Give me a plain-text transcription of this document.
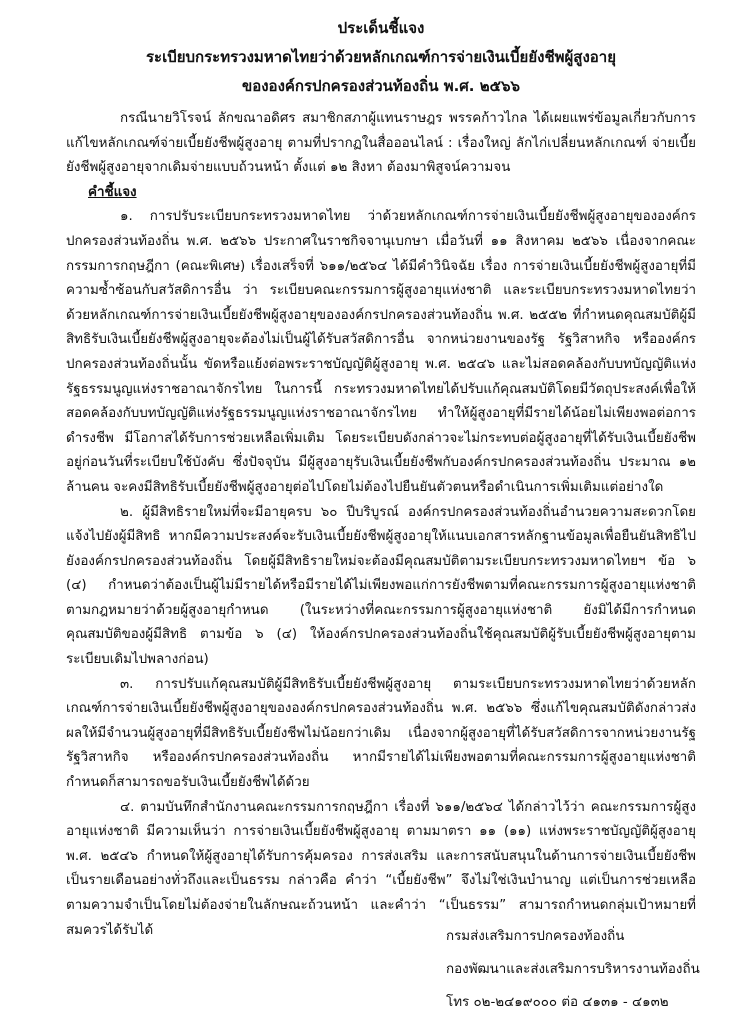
ประเด็นชี้แจง

ระเบียบกระทรวงมหาดไทยว่าด้วยหลักเกณฑ์การจ่ายเงินเบี้ยยังชีพผู้สูงอายุ

ขององค์กรปกครองส่วนท้องถิ่น พ.ศ. ๒๕๖๖

กรณีนายวิโรจน์ ลักขณาอดิศร สมาชิกสภาผู้แทนราษฎร พรรคก้าวไกล ได้เผยแพร่ข้อมูลเกี่ยวกับการแก้ไขหลักเกณฑ์จ่ายเบี้ยยังชีพผู้สูงอายุ ตามที่ปรากฏในสื่อออนไลน์ : เรื่องใหญ่ ลักไก่เปลี่ยนหลักเกณฑ์ จ่ายเบี้ยยังชีพผู้สูงอายุจากเดิมจ่ายแบบถ้วนหน้า ตั้งแต่ ๑๒ สิงหา ต้องมาพิสูจน์ความจน

คำชี้แจง

๑. การปรับระเบียบกระทรวงมหาดไทย ว่าด้วยหลักเกณฑ์การจ่ายเงินเบี้ยยังชีพผู้สูงอายุขององค์กรปกครองส่วนท้องถิ่น พ.ศ. ๒๕๖๖ ประกาศในราชกิจจานุเบกษา เมื่อวันที่ ๑๑ สิงหาคม ๒๕๖๖ เนื่องจากคณะกรรมการกฤษฎีกา (คณะพิเศษ) เรื่องเสร็จที่ ๖๑๑/๒๕๖๔ ได้มีคำวินิจฉัย เรื่อง การจ่ายเงินเบี้ยยังชีพผู้สูงอายุที่มีความซ้ำซ้อนกับสวัสดิการอื่น ว่า ระเบียบคณะกรรมการผู้สูงอายุแห่งชาติ และระเบียบกระทรวงมหาดไทยว่าด้วยหลักเกณฑ์การจ่ายเงินเบี้ยยังชีพผู้สูงอายุขององค์กรปกครองส่วนท้องถิ่น พ.ศ. ๒๕๕๒ ที่กำหนดคุณสมบัติผู้มีสิทธิรับเงินเบี้ยยังชีพผู้สูงอายุจะต้องไม่เป็นผู้ได้รับสวัสดิการอื่น จากหน่วยงานของรัฐ รัฐวิสาหกิจ หรือองค์กรปกครองส่วนท้องถิ่นนั้น ขัดหรือแย้งต่อพระราชบัญญัติผู้สูงอายุ พ.ศ. ๒๕๔๖ และไม่สอดคล้องกับบทบัญญัติแห่งรัฐธรรมนูญแห่งราชอาณาจักรไทย ในการนี้ กระทรวงมหาดไทยได้ปรับแก้คุณสมบัติโดยมีวัตถุประสงค์เพื่อให้สอดคล้องกับบทบัญญัติแห่งรัฐธรรมนูญแห่งราชอาณาจักรไทย ทำให้ผู้สูงอายุที่มีรายได้น้อยไม่เพียงพอต่อการดำรงชีพ มีโอกาสได้รับการช่วยเหลือเพิ่มเติม โดยระเบียบดังกล่าวจะไม่กระทบต่อผู้สูงอายุที่ได้รับเงินเบี้ยยังชีพอยู่ก่อนวันที่ระเบียบใช้บังคับ ซึ่งปัจจุบัน มีผู้สูงอายุรับเงินเบี้ยยังชีพกับองค์กรปกครองส่วนท้องถิ่น ประมาณ ๑๒ ล้านคน จะคงมีสิทธิรับเบี้ยยังชีพผู้สูงอายุต่อไปโดยไม่ต้องไปยืนยันตัวตนหรือดำเนินการเพิ่มเติมแต่อย่างใด

๒. ผู้มีสิทธิรายใหม่ที่จะมีอายุครบ ๖๐ ปีบริบูรณ์ องค์กรปกครองส่วนท้องถิ่นอำนวยความสะดวกโดยแจ้งไปยังผู้มีสิทธิ หากมีความประสงค์จะรับเงินเบี้ยยังชีพผู้สูงอายุให้แนบเอกสารหลักฐานข้อมูลเพื่อยืนยันสิทธิไปยังองค์กรปกครองส่วนท้องถิ่น โดยผู้มีสิทธิรายใหม่จะต้องมีคุณสมบัติตามระเบียบกระทรวงมหาดไทยฯ ข้อ ๖ (๔) กำหนดว่าต้องเป็นผู้ไม่มีรายได้หรือมีรายได้ไม่เพียงพอแก่การยังชีพตามที่คณะกรรมการผู้สูงอายุแห่งชาติตามกฎหมายว่าด้วยผู้สูงอายุกำหนด (ในระหว่างที่คณะกรรมการผู้สูงอายุแห่งชาติ ยังมิได้มีการกำหนดคุณสมบัติของผู้มีสิทธิ ตามข้อ ๖ (๔) ให้องค์กรปกครองส่วนท้องถิ่นใช้คุณสมบัติผู้รับเบี้ยยังชีพผู้สูงอายุตามระเบียบเดิมไปพลางก่อน)

๓. การปรับแก้คุณสมบัติผู้มีสิทธิรับเบี้ยยังชีพผู้สูงอายุ ตามระเบียบกระทรวงมหาดไทยว่าด้วยหลักเกณฑ์การจ่ายเงินเบี้ยยังชีพผู้สูงอายุขององค์กรปกครองส่วนท้องถิ่น พ.ศ. ๒๕๖๖ ซึ่งแก้ไขคุณสมบัติดังกล่าวส่งผลให้มีจำนวนผู้สูงอายุที่มีสิทธิรับเบี้ยยังชีพไม่น้อยกว่าเดิม เนื่องจากผู้สูงอายุที่ได้รับสวัสดิการจากหน่วยงานรัฐ รัฐวิสาหกิจ หรือองค์กรปกครองส่วนท้องถิ่น หากมีรายได้ไม่เพียงพอตามที่คณะกรรมการผู้สูงอายุแห่งชาติกำหนดก็สามารถขอรับเงินเบี้ยยังชีพได้ด้วย

๔. ตามบันทึกสำนักงานคณะกรรมการกฤษฎีกา เรื่องที่ ๖๑๑/๒๕๖๔ ได้กล่าวไว้ว่า คณะกรรมการผู้สูงอายุแห่งชาติ มีความเห็นว่า การจ่ายเงินเบี้ยยังชีพผู้สูงอายุ ตามมาตรา ๑๑ (๑๑) แห่งพระราชบัญญัติผู้สูงอายุ พ.ศ. ๒๕๔๖ กำหนดให้ผู้สูงอายุได้รับการคุ้มครอง การส่งเสริม และการสนับสนุนในด้านการจ่ายเงินเบี้ยยังชีพเป็นรายเดือนอย่างทั่วถึงและเป็นธรรม กล่าวคือ คำว่า “เบี้ยยังชีพ” จึงไม่ใช่เงินบำนาญ แต่เป็นการช่วยเหลือตามความจำเป็นโดยไม่ต้องจ่ายในลักษณะถ้วนหน้า และคำว่า “เป็นธรรม” สามารถกำหนดกลุ่มเป้าหมายที่สมควรได้รับได้	กรมส่งเสริมการปกครองท้องถิ่น
กองพัฒนาและส่งเสริมการบริหารงานท้องถิ่น
โทร ๐๒-๒๔๑๙๐๐๐ ต่อ ๔๑๓๑ - ๔๑๓๒
